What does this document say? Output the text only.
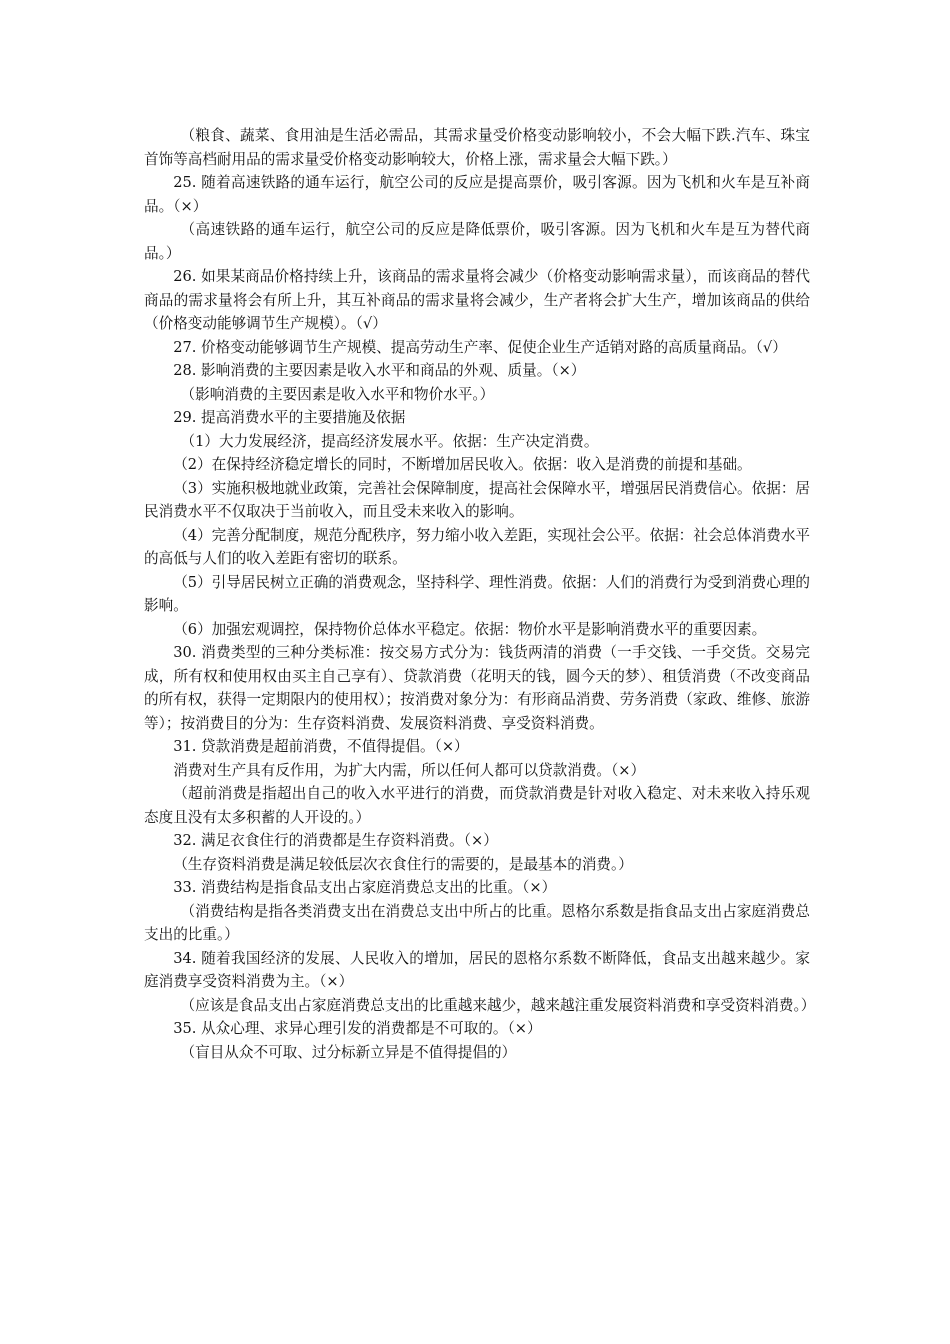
（粮食、蔬菜、食用油是生活必需品，其需求量受价格变动影响较小，不会大幅下跌.汽车、珠宝首饰等高档耐用品的需求量受价格变动影响较大，价格上涨，需求量会大幅下跌。）

25. 随着高速铁路的通车运行，航空公司的反应是提高票价，吸引客源。因为飞机和火车是互补商品。（×）

（高速铁路的通车运行，航空公司的反应是降低票价，吸引客源。因为飞机和火车是互为替代商品。）

26. 如果某商品价格持续上升，该商品的需求量将会减少（价格变动影响需求量），而该商品的替代商品的需求量将会有所上升，其互补商品的需求量将会减少，生产者将会扩大生产，增加该商品的供给（价格变动能够调节生产规模）。（√）

27. 价格变动能够调节生产规模、提高劳动生产率、促使企业生产适销对路的高质量商品。（√）

28. 影响消费的主要因素是收入水平和商品的外观、质量。（×）

（影响消费的主要因素是收入水平和物价水平。）

29. 提高消费水平的主要措施及依据

（1）大力发展经济，提高经济发展水平。依据：生产决定消费。

（2）在保持经济稳定增长的同时，不断增加居民收入。依据：收入是消费的前提和基础。

（3）实施积极地就业政策，完善社会保障制度，提高社会保障水平，增强居民消费信心。依据：居民消费水平不仅取决于当前收入，而且受未来收入的影响。

（4）完善分配制度，规范分配秩序，努力缩小收入差距，实现社会公平。依据：社会总体消费水平的高低与人们的收入差距有密切的联系。

（5）引导居民树立正确的消费观念，坚持科学、理性消费。依据：人们的消费行为受到消费心理的影响。

（6）加强宏观调控，保持物价总体水平稳定。依据：物价水平是影响消费水平的重要因素。

30. 消费类型的三种分类标准：按交易方式分为：钱货两清的消费（一手交钱、一手交货。交易完成，所有权和使用权由买主自己享有）、贷款消费（花明天的钱，圆今天的梦）、租赁消费（不改变商品的所有权，获得一定期限内的使用权）；按消费对象分为：有形商品消费、劳务消费（家政、维修、旅游等）；按消费目的分为：生存资料消费、发展资料消费、享受资料消费。

31. 贷款消费是超前消费，不值得提倡。（×）

消费对生产具有反作用，为扩大内需，所以任何人都可以贷款消费。（×）

（超前消费是指超出自己的收入水平进行的消费，而贷款消费是针对收入稳定、对未来收入持乐观态度且没有太多积蓄的人开设的。）

32. 满足衣食住行的消费都是生存资料消费。（×）

（生存资料消费是满足较低层次衣食住行的需要的，是最基本的消费。）

33. 消费结构是指食品支出占家庭消费总支出的比重。（×）

（消费结构是指各类消费支出在消费总支出中所占的比重。恩格尔系数是指食品支出占家庭消费总支出的比重。）

34. 随着我国经济的发展、人民收入的增加，居民的恩格尔系数不断降低，食品支出越来越少。家庭消费享受资料消费为主。（×）

（应该是食品支出占家庭消费总支出的比重越来越少，越来越注重发展资料消费和享受资料消费。）

35. 从众心理、求异心理引发的消费都是不可取的。（×）

（盲目从众不可取、过分标新立异是不值得提倡的）
